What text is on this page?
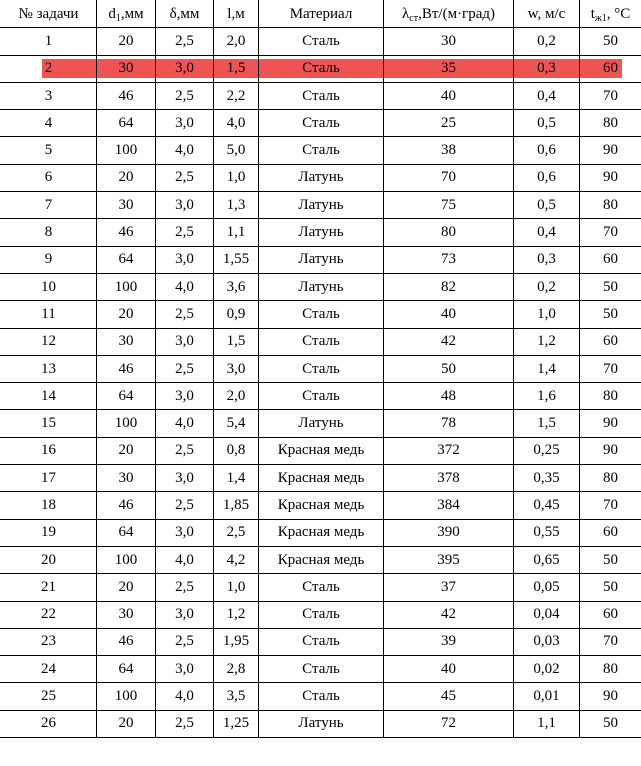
№ задачи	$d_1,мм$	δ,мм	l,м	Материал	$\lambda_{ст},Вт/(м\cdot град)$	w, м/с	$t_{ж1}$, °С
1	20	2,5	2,0	Сталь	30	0,2	50
2	30	3,0	1,5	Сталь	35	0,3	60
3	46	2,5	2,2	Сталь	40	0,4	70
4	64	3,0	4,0	Сталь	25	0,5	80
5	100	4,0	5,0	Сталь	38	0,6	90
6	20	2,5	1,0	Латунь	70	0,6	90
7	30	3,0	1,3	Латунь	75	0,5	80
8	46	2,5	1,1	Латунь	80	0,4	70
9	64	3,0	1,55	Латунь	73	0,3	60
10	100	4,0	3,6	Латунь	82	0,2	50
11	20	2,5	0,9	Сталь	40	1,0	50
12	30	3,0	1,5	Сталь	42	1,2	60
13	46	2,5	3,0	Сталь	50	1,4	70
14	64	3,0	2,0	Сталь	48	1,6	80
15	100	4,0	5,4	Латунь	78	1,5	90
16	20	2,5	0,8	Красная медь	372	0,25	90
17	30	3,0	1,4	Красная медь	378	0,35	80
18	46	2,5	1,85	Красная медь	384	0,45	70
19	64	3,0	2,5	Красная медь	390	0,55	60
20	100	4,0	4,2	Красная медь	395	0,65	50
21	20	2,5	1,0	Сталь	37	0,05	50
22	30	3,0	1,2	Сталь	42	0,04	60
23	46	2,5	1,95	Сталь	39	0,03	70
24	64	3,0	2,8	Сталь	40	0,02	80
25	100	4,0	3,5	Сталь	45	0,01	90
26	20	2,5	1,25	Латунь	72	1,1	50
